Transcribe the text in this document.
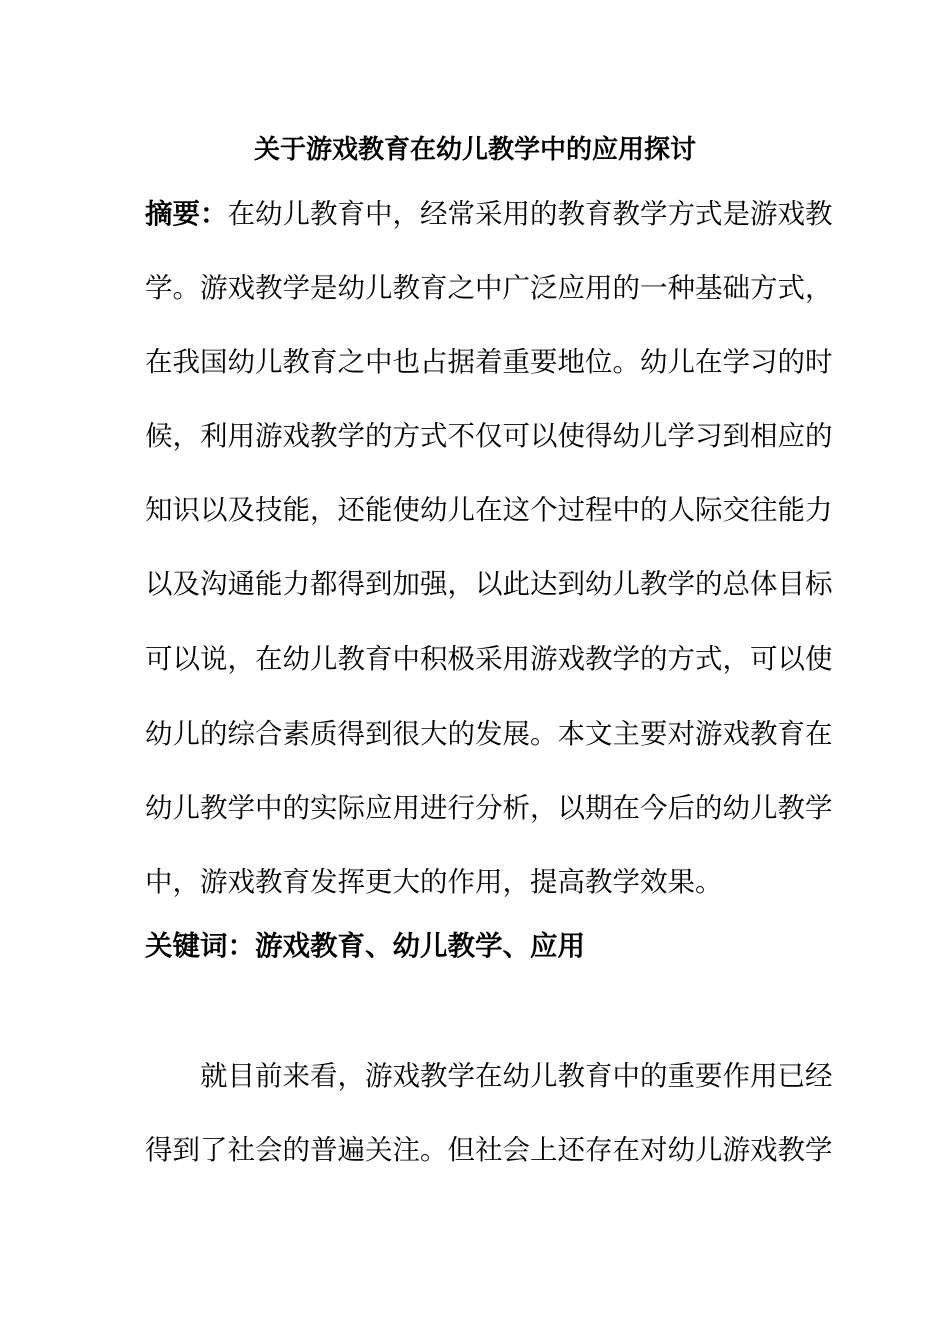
关于游戏教育在幼儿教学中的应用探讨
摘要：在幼儿教育中，经常采用的教育教学方式是游戏教
学。游戏教学是幼儿教育之中广泛应用的一种基础方式，
在我国幼儿教育之中也占据着重要地位。幼儿在学习的时
候，利用游戏教学的方式不仅可以使得幼儿学习到相应的
知识以及技能，还能使幼儿在这个过程中的人际交往能力
以及沟通能力都得到加强，以此达到幼儿教学的总体目标
可以说，在幼儿教育中积极采用游戏教学的方式，可以使
幼儿的综合素质得到很大的发展。本文主要对游戏教育在
幼儿教学中的实际应用进行分析，以期在今后的幼儿教学
中，游戏教育发挥更大的作用，提高教学效果。
关键词：游戏教育、幼儿教学、应用
就目前来看，游戏教学在幼儿教育中的重要作用已经
得到了社会的普遍关注。但社会上还存在对幼儿游戏教学
